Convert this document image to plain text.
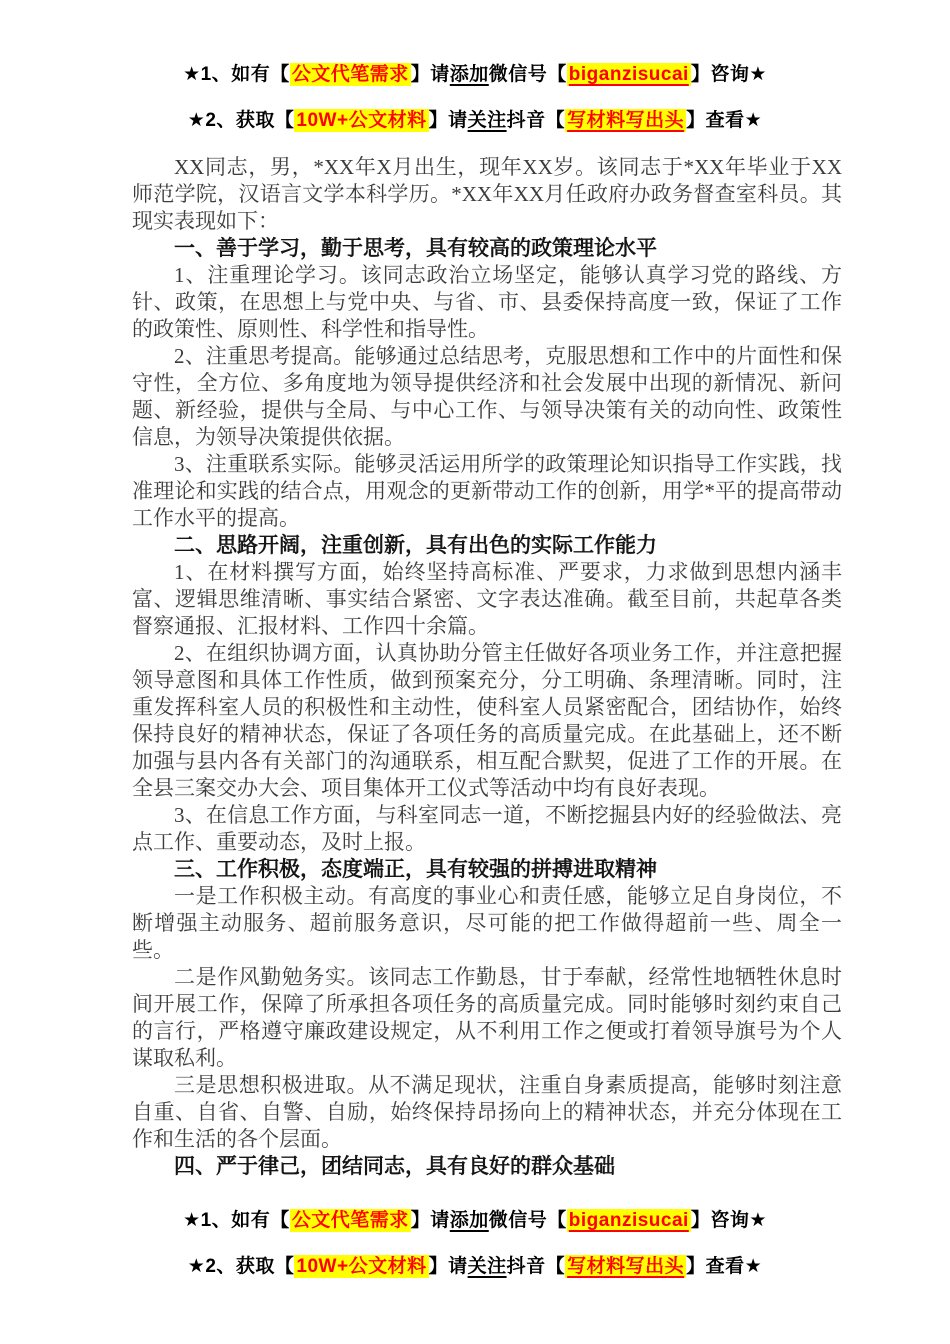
★1、如有【 公文代笔需求 】请添加微信号【 biganzisucai 】咨询★
★2、获取【 10W+公文材料 】请关注抖音【 写材料写出头 】查看★
XX同志，男，*XX年X月出生，现年XX岁。该同志于*XX年毕业于XX师范学院，汉语言文学本科学历。*XX年XX月任政府办政务督查室科员。其现实表现如下：
一、善于学习，勤于思考，具有较高的政策理论水平
1、注重理论学习。该同志政治立场坚定，能够认真学习党的路线、方针、政策，在思想上与党中央、与省、市、县委保持高度一致，保证了工作的政策性、原则性、科学性和指导性。
2、注重思考提高。能够通过总结思考，克服思想和工作中的片面性和保守性，全方位、多角度地为领导提供经济和社会发展中出现的新情况、新问题、新经验，提供与全局、与中心工作、与领导决策有关的动向性、政策性信息，为领导决策提供依据。
3、注重联系实际。能够灵活运用所学的政策理论知识指导工作实践，找准理论和实践的结合点，用观念的更新带动工作的创新，用学*平的提高带动工作水平的提高。
二、思路开阔，注重创新，具有出色的实际工作能力
1、在材料撰写方面，始终坚持高标准、严要求，力求做到思想内涵丰富、逻辑思维清晰、事实结合紧密、文字表达准确。截至目前，共起草各类督察通报、汇报材料、工作四十余篇。
2、在组织协调方面，认真协助分管主任做好各项业务工作，并注意把握领导意图和具体工作性质，做到预案充分，分工明确、条理清晰。同时，注重发挥科室人员的积极性和主动性，使科室人员紧密配合，团结协作，始终保持良好的精神状态，保证了各项任务的高质量完成。在此基础上，还不断加强与县内各有关部门的沟通联系，相互配合默契，促进了工作的开展。在全县三案交办大会、项目集体开工仪式等活动中均有良好表现。
3、在信息工作方面，与科室同志一道，不断挖掘县内好的经验做法、亮点工作、重要动态，及时上报。
三、工作积极，态度端正，具有较强的拼搏进取精神
一是工作积极主动。有高度的事业心和责任感，能够立足自身岗位，不断增强主动服务、超前服务意识，尽可能的把工作做得超前一些、周全一些。
二是作风勤勉务实。该同志工作勤恳，甘于奉献，经常性地牺牲休息时间开展工作，保障了所承担各项任务的高质量完成。同时能够时刻约束自己的言行，严格遵守廉政建设规定，从不利用工作之便或打着领导旗号为个人谋取私利。
三是思想积极进取。从不满足现状，注重自身素质提高，能够时刻注意自重、自省、自警、自励，始终保持昂扬向上的精神状态，并充分体现在工作和生活的各个层面。
四、严于律己，团结同志，具有良好的群众基础
★1、如有【 公文代笔需求 】请添加微信号【 biganzisucai 】咨询★
★2、获取【 10W+公文材料 】请关注抖音【 写材料写出头 】查看★
